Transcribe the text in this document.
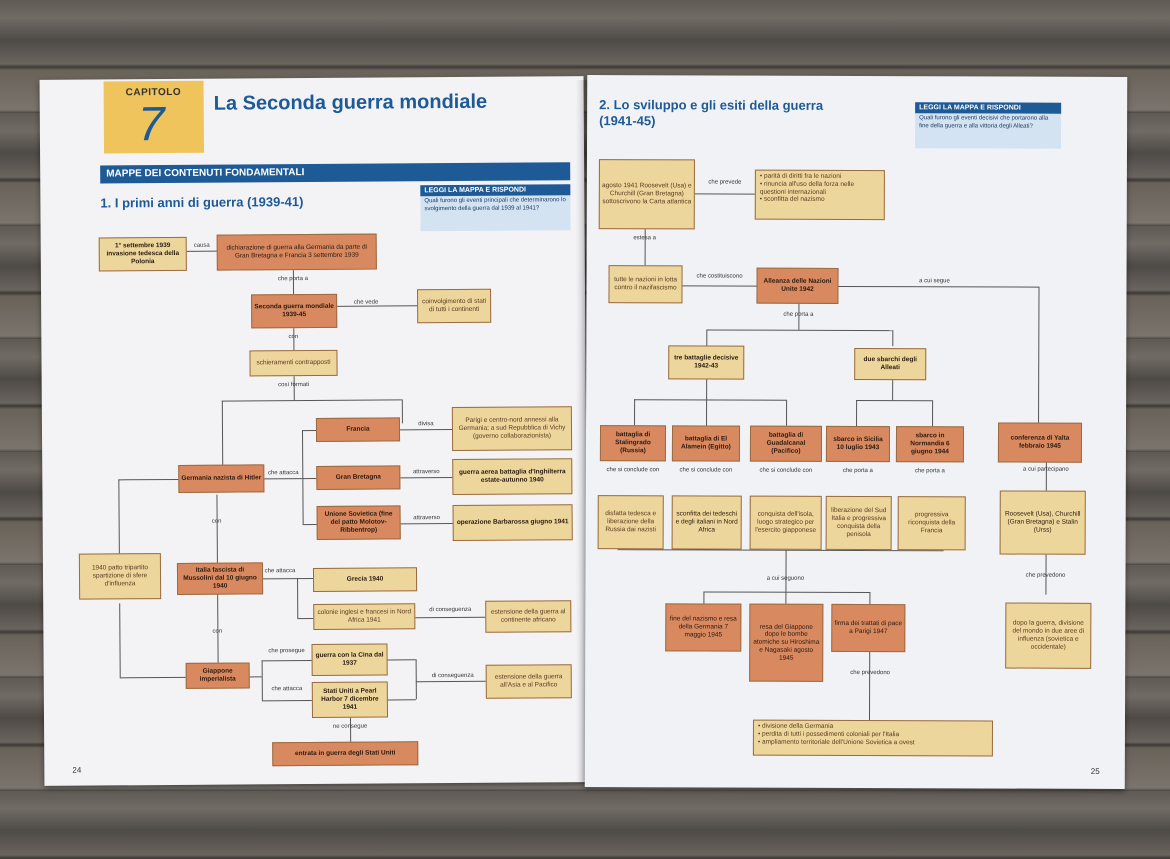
CAPITOLO
7 La Seconda guerra mondiale
MAPPE DEI CONTENUTI FONDAMENTALI
1. I primi anni di guerra (1939-41)
LEGGI LA MAPPA E RISPONDI
Quali furono gli eventi principali che determinarono lo svolgimento della guerra dal 1939 al 1941?
1° settembre 1939 invasione tedesca della Polonia
causa	dichiarazione di guerra alla Germania da parte di Gran Bretagna e Francia 3 settembre 1939
che porta a
Seconda guerra mondiale 1939-45
che vede	coinvolgimento di stati di tutti i continenti
con
schieramenti contrapposti
così formati
Francia
divisa	Parigi e centro-nord annessi alla Germania; a sud Repubblica di Vichy (governo collaborazionista)
Germania nazista di Hitler
che attacca
Gran Bretagna
attraverso	guerra aerea battaglia d'Inghilterra estate-autunno 1940
Unione Sovietica (fine del patto Molotov-Ribbentrop)
attraverso
operazione Barbarossa giugno 1941
con
1940 patto tripartito spartizione di sfere d'influenza
Italia fascista di Mussolini dal 10 giugno 1940
che attacca
Grecia 1940
colonie inglesi e francesi in Nord Africa 1941
di conseguenza	estensione della guerra al continente africano
con
Giappone imperialista
che prosegue
guerra con la Cina dal 1937
che attacca	Stati Uniti a Pearl Harbor 7 dicembre 1941
di conseguenza	estensione della guerra all'Asia e al Pacifico
ne consegue
entrata in guerra degli Stati Uniti
24
2. Lo sviluppo e gli esiti della guerra (1941-45)
LEGGI LA MAPPA E RISPONDI
Quali furono gli eventi decisivi che portarono alla fine della guerra e alla vittoria degli Alleati?
agosto 1941 Roosevelt (Usa) e Churchill (Gran Bretagna) sottoscrivono la Carta atlantica
che prevede
• parità di diritti fra le nazioni
• rinuncia all'uso della forza nelle questioni internazionali
• sconfitta del nazismo
estesa a
tutte le nazioni in lotta contro il nazifascismo
che costituiscono
Alleanza delle Nazioni Unite 1942
a cui segue
che porta a
tre battaglie decisive 1942-43
due sbarchi degli Alleati
battaglia di Stalingrado (Russia)
battaglia di El Alamein (Egitto)
battaglia di Guadalcanal (Pacifico)
sbarco in Sicilia 10 luglio 1943
sbarco in Normandia 6 giugno 1944
conferenza di Yalta febbraio 1945
che si conclude con	che si conclude con	che si conclude con	che porta a	che porta a	a cui partecipano
disfatta tedesca e liberazione della Russia dai nazisti
sconfitta dei tedeschi e degli italiani in Nord Africa
conquista dell'isola, luogo strategico per l'esercito giapponese
liberazione del Sud Italia e progressiva conquista della penisola
progressiva riconquista della Francia
Roosevelt (Usa), Churchill (Gran Bretagna) e Stalin (Urss)
a cui seguono
che prevedono
fine del nazismo e resa della Germania 7 maggio 1945
resa del Giappone dopo le bombe atomiche su Hiroshima e Nagasaki agosto 1945
firma dei trattati di pace a Parigi 1947
dopo la guerra, divisione del mondo in due aree di influenza (sovietica e occidentale)
che prevedono
• divisione della Germania
• perdita di tutti i possedimenti coloniali per l'Italia
• ampliamento territoriale dell'Unione Sovietica a ovest
25
